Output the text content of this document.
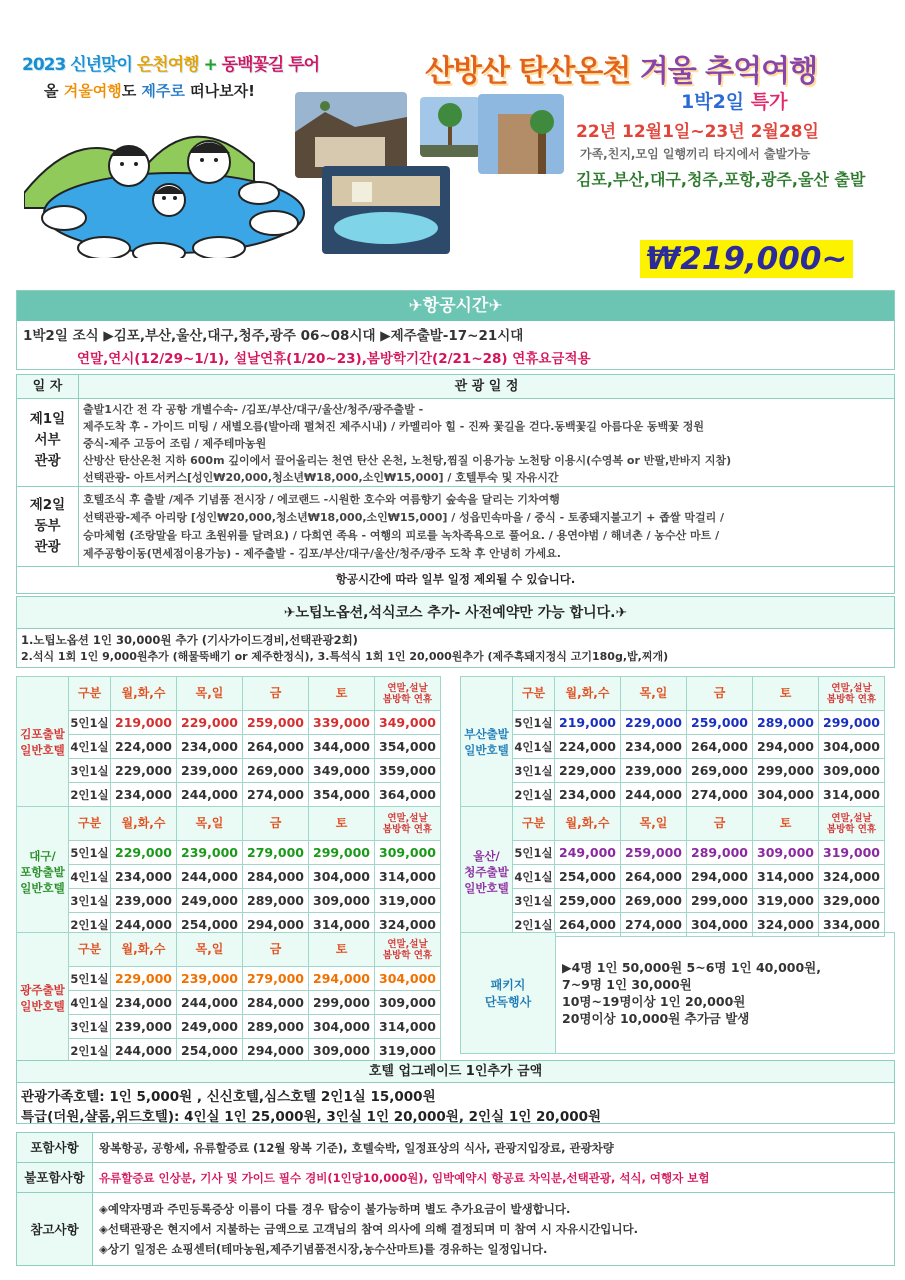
2023 신년맞이 온천여행 + 동백꽃길 투어
올 겨울여행도 제주로 떠나보자!
산방산 탄산온천 겨울 추억여행
1박2일 특가
22년 12월1일~23년 2월28일
가족,친지,모임 일행끼리 타지에서 출발가능
김포,부산,대구,청주,포항,광주,울산 출발
₩219,000~
✈항공시간✈
1박2일 조식 ▶김포,부산,울산,대구,청주,광주 06~08시대 ▶제주출발-17~21시대
연말,연시(12/29~1/1), 설날연휴(1/20~23),봄방학기간(2/21~28) 연휴요금적용
일 자	관 광 일 정
제1일
서부
관광
출발1시간 전 각 공항 개별수속- /김포/부산/대구/울산/청주/광주출발 -
제주도착 후 - 가이드 미팅 / 새별오름(발아래 펼쳐진 제주시내) / 카멜리아 힐 - 진짜 꽃길을 걷다.동백꽃길 아름다운 동백꽃 정원
중식-제주 고등어 조림 / 제주테마농원
산방산 탄산온천 지하 600m 깊이에서 끌어올리는 천연 탄산 온천, 노천탕,찜질 이용가능 노천탕 이용시(수영복 or 반팔,반바지 지참)
선택관광- 아트서커스[성인₩20,000,청소년₩18,000,소인₩15,000] / 호텔투숙 및 자유시간
제2일
동부
관광
호텔조식 후 출발 /제주 기념품 전시장 / 에코랜드 -시원한 호수와 여름향기 숲속을 달리는 기차여행
선택관광-제주 아리랑 [성인₩20,000,청소년₩18,000,소인₩15,000] / 성읍민속마을 / 중식 - 토종돼지불고기 + 좁쌀 막걸리 /
승마체험 (조랑말을 타고 초원위를 달려요) / 다희연 족욕 - 여행의 피로를 녹차족욕으로 풀어요. / 용연야범 / 해녀촌 / 농수산 마트 /
제주공항이동(면세점이용가능) - 제주출발 - 김포/부산/대구/울산/청주/광주 도착 후 안녕히 가세요.
항공시간에 따라 일부 일정 제외될 수 있습니다.
✈노팁노옵션,석식코스 추가- 사전예약만 가능 합니다.✈
1.노팁노옵션 1인 30,000원 추가 (기사가이드경비,선택관광2회)
2.석식 1회 1인 9,000원추가 (해물뚝배기 or 제주한정식), 3.특석식 1회 1인 20,000원추가 (제주흑돼지정식 고기180g,밥,찌개)
김포출발
일반호텔	구분	월,화,수	목,일	금	토	연말,설날
봄방학 연휴
	5인1실	219,000	229,000	259,000	339,000	349,000
	4인1실	224,000	234,000	264,000	344,000	354,000
	3인1실	229,000	239,000	269,000	349,000	359,000
	2인1실	234,000	244,000	274,000	354,000	364,000
부산출발
일반호텔	구분	월,화,수	목,일	금	토	연말,설날
봄방학 연휴
	5인1실	219,000	229,000	259,000	289,000	299,000
	4인1실	224,000	234,000	264,000	294,000	304,000
	3인1실	229,000	239,000	269,000	299,000	309,000
	2인1실	234,000	244,000	274,000	304,000	314,000
대구/
포항출발
일반호텔	구분	월,화,수	목,일	금	토	연말,설날
봄방학 연휴
	5인1실	229,000	239,000	279,000	299,000	309,000
	4인1실	234,000	244,000	284,000	304,000	314,000
	3인1실	239,000	249,000	289,000	309,000	319,000
	2인1실	244,000	254,000	294,000	314,000	324,000
울산/
청주출발
일반호텔	구분	월,화,수	목,일	금	토	연말,설날
봄방학 연휴
	5인1실	249,000	259,000	289,000	309,000	319,000
	4인1실	254,000	264,000	294,000	314,000	324,000
	3인1실	259,000	269,000	299,000	319,000	329,000
	2인1실	264,000	274,000	304,000	324,000	334,000
광주출발
일반호텔	구분	월,화,수	목,일	금	토	연말,설날
봄방학 연휴
	5인1실	229,000	239,000	279,000	294,000	304,000
	4인1실	234,000	244,000	284,000	299,000	309,000
	3인1실	239,000	249,000	289,000	304,000	314,000
	2인1실	244,000	254,000	294,000	309,000	319,000
패키지
단독행사
▶4명 1인 50,000원 5~6명 1인 40,000원,
7~9명 1인 30,000원
10명~19명이상 1인 20,000원
20명이상 10,000원 추가금 발생
호텔 업그레이드 1인추가 금액
관광가족호텔: 1인 5,000원 , 신신호텔,심스호텔 2인1실 15,000원
특급(더원,샬롬,위드호텔): 4인실 1인 25,000원, 3인실 1인 20,000원, 2인실 1인 20,000원
포함사항	왕복항공, 공항세, 유류할증료 (12월 왕복 기준), 호텔숙박, 일정표상의 식사, 관광지입장료, 관광차량
불포함사항	유류할증료 인상분, 기사 및 가이드 필수 경비(1인당10,000원), 임박예약시 항공료 차익분,선택관광, 석식, 여행자 보험
참고사항
◈예약자명과 주민등록증상 이름이 다를 경우 탑승이 불가능하며 별도 추가요금이 발생합니다.
◈선택관광은 현지에서 지불하는 금액으로 고객님의 참여 의사에 의해 결정되며 미 참여 시 자유시간입니다.
◈상기 일정은 쇼핑센터(테마농원,제주기념품전시장,농수산마트)를 경유하는 일정입니다.
